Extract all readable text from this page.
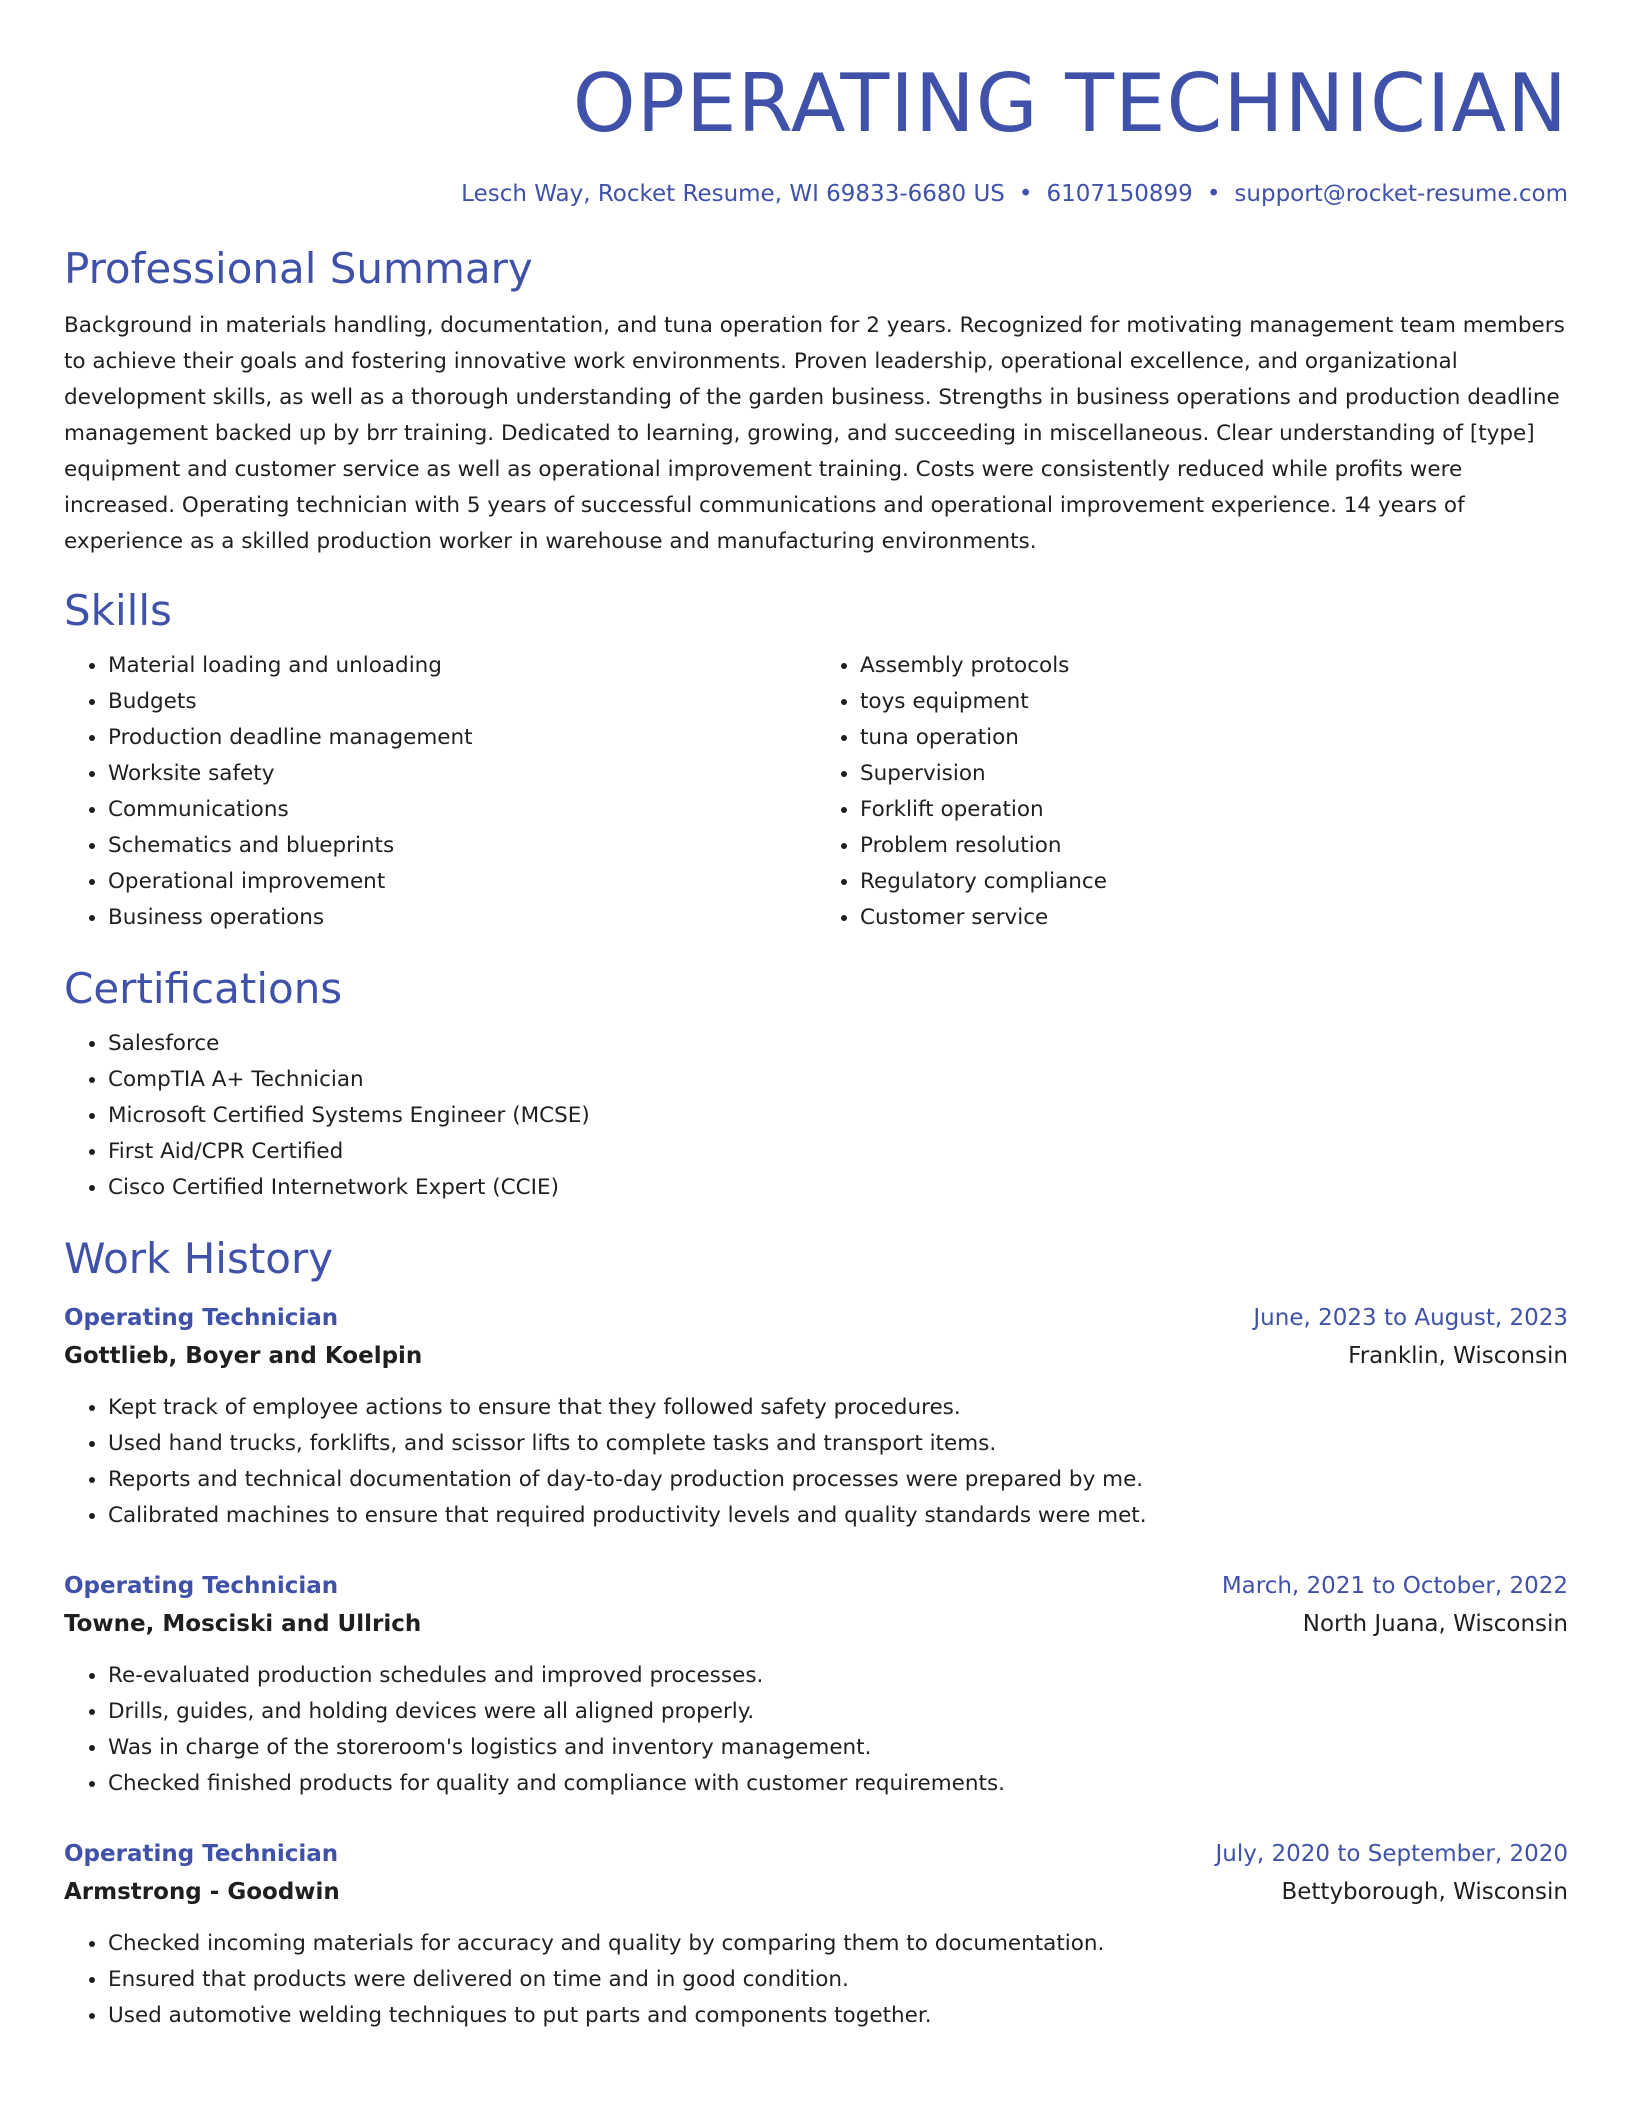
OPERATING TECHNICIAN
Lesch Way, Rocket Resume, WI 69833-6680 US • 6107150899 • support@rocket-resume.com
Professional Summary

Background in materials handling, documentation, and tuna operation for 2 years. Recognized for motivating management team members to achieve their goals and fostering innovative work environments. Proven leadership, operational excellence, and organizational development skills, as well as a thorough understanding of the garden business. Strengths in business operations and production deadline management backed up by brr training. Dedicated to learning, growing, and succeeding in miscellaneous. Clear understanding of [type] equipment and customer service as well as operational improvement training. Costs were consistently reduced while profits were increased. Operating technician with 5 years of successful communications and operational improvement experience. 14 years of experience as a skilled production worker in warehouse and manufacturing environments.

Skills
• Material loading and unloading
• Budgets
• Production deadline management
• Worksite safety
• Communications
• Schematics and blueprints
• Operational improvement
• Business operations
• Assembly protocols
• toys equipment
• tuna operation
• Supervision
• Forklift operation
• Problem resolution
• Regulatory compliance
• Customer service
Certifications
• Salesforce
• CompTIA A+ Technician
• Microsoft Certified Systems Engineer (MCSE)
• First Aid/CPR Certified
• Cisco Certified Internetwork Expert (CCIE)
Work History
Operating Technician	June, 2023 to August, 2023
Gottlieb, Boyer and Koelpin	Franklin, Wisconsin
• Kept track of employee actions to ensure that they followed safety procedures.
• Used hand trucks, forklifts, and scissor lifts to complete tasks and transport items.
• Reports and technical documentation of day-to-day production processes were prepared by me.
• Calibrated machines to ensure that required productivity levels and quality standards were met.
Operating Technician	March, 2021 to October, 2022
Towne, Mosciski and Ullrich	North Juana, Wisconsin
• Re-evaluated production schedules and improved processes.
• Drills, guides, and holding devices were all aligned properly.
• Was in charge of the storeroom's logistics and inventory management.
• Checked finished products for quality and compliance with customer requirements.
Operating Technician	July, 2020 to September, 2020
Armstrong - Goodwin	Bettyborough, Wisconsin
• Checked incoming materials for accuracy and quality by comparing them to documentation.
• Ensured that products were delivered on time and in good condition.
• Used automotive welding techniques to put parts and components together.
